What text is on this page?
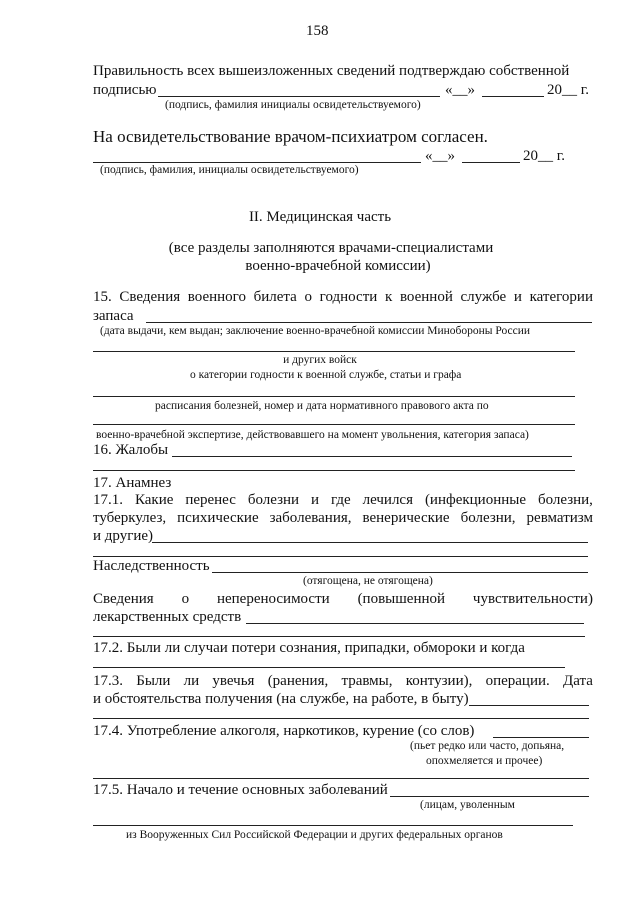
158
Правильность всех вышеизложенных сведений подтверждаю собственной
подписью	«__»	20__ г.
(подпись, фамилия инициалы освидетельствуемого)
На освидетельствование врачом-психиатром согласен.
«__»	20__ г.
(подпись, фамилия, инициалы освидетельствуемого)
II. Медицинская часть
(все разделы заполняются врачами-специалистами
военно-врачебной комиссии)
15. Сведения военного билета о годности к военной службе и категории
запаса
(дата выдачи, кем выдан; заключение военно-врачебной комиссии Минобороны России
и других войск
о категории годности к военной службе, статьи и графа
расписания болезней, номер и дата нормативного правового акта по
военно-врачебной экспертизе, действовавшего на момент увольнения, категория запаса)
16. Жалобы
17. Анамнез
17.1. Какие перенес болезни и где лечился (инфекционные болезни,
туберкулез, психические заболевания, венерические болезни, ревматизм
и другие)
Наследственность
(отягощена, не отягощена)
Сведения о непереносимости (повышенной чувствительности)
лекарственных средств
17.2. Были ли случаи потери сознания, припадки, обмороки и когда
17.3. Были ли увечья (ранения, травмы, контузии), операции. Дата
и обстоятельства получения (на службе, на работе, в быту)
17.4. Употребление алкоголя, наркотиков, курение (со слов)
(пьет редко или часто, допьяна,
опохмеляется и прочее)
17.5. Начало и течение основных заболеваний
(лицам, уволенным
из Вооруженных Сил Российской Федерации и других федеральных органов
